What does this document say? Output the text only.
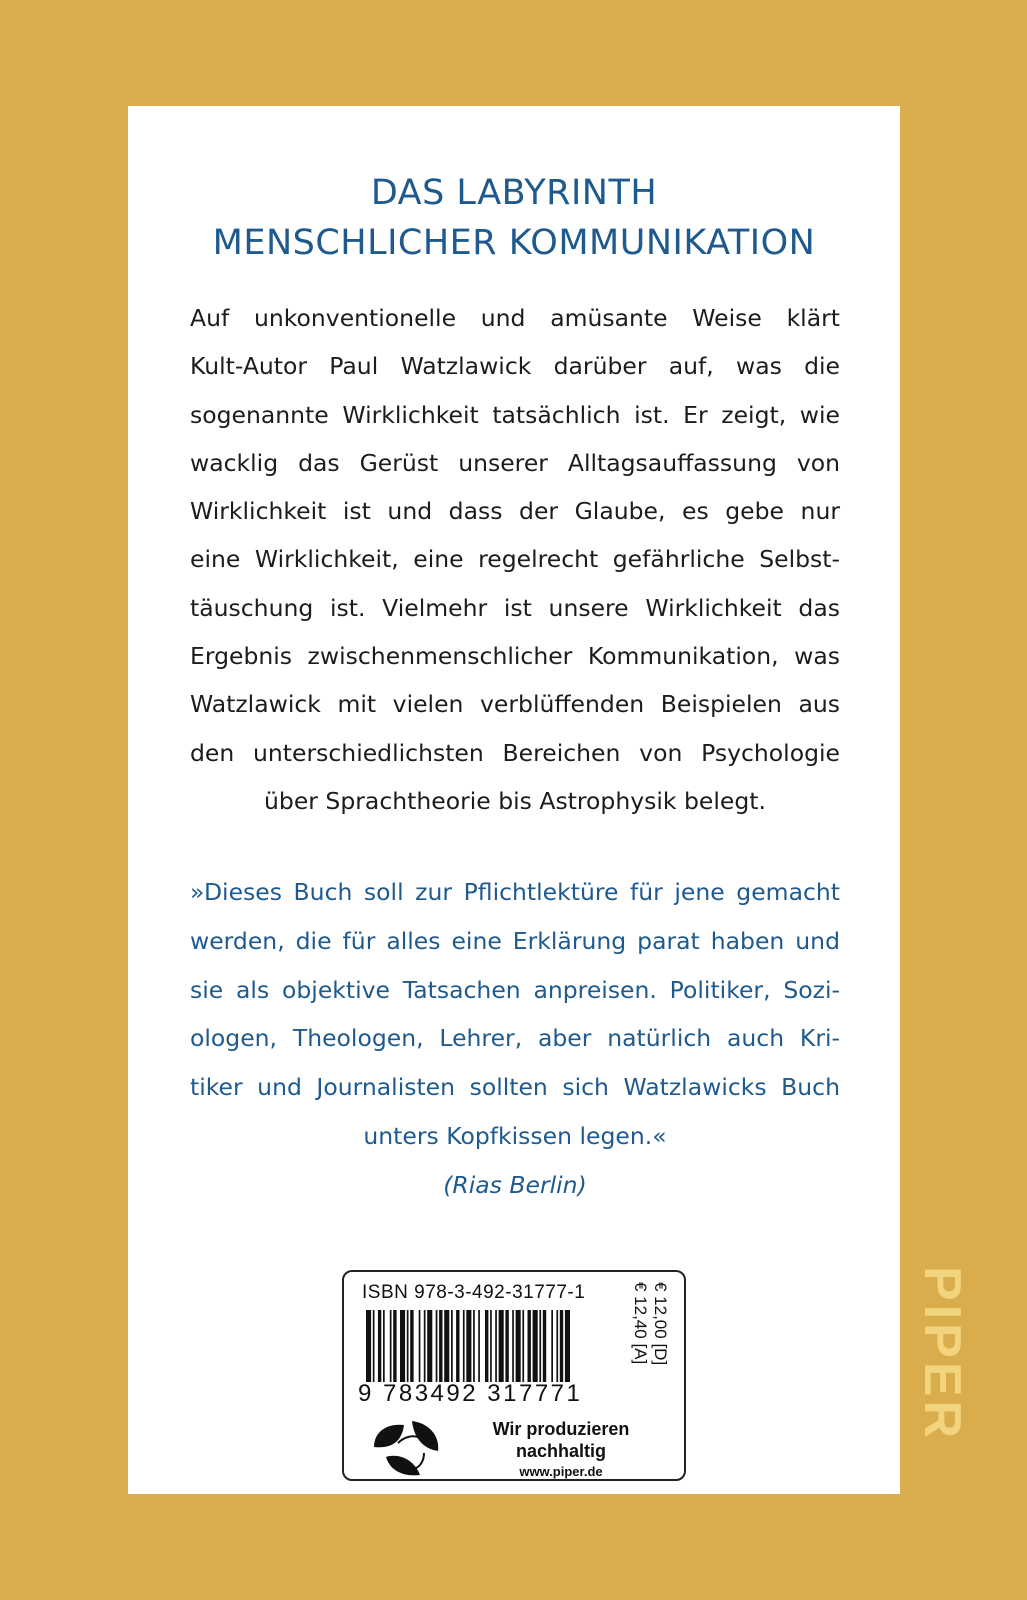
DAS LABYRINTH
MENSCHLICHER KOMMUNIKATION
Auf unkonventionelle und amüsante Weise klärt
Kult-Autor Paul Watzlawick darüber auf, was die
sogenannte Wirklichkeit tatsächlich ist. Er zeigt, wie
wacklig das Gerüst unserer Alltagsauffassung von
Wirklichkeit ist und dass der Glaube, es gebe nur
eine Wirklichkeit, eine regelrecht gefährliche Selbst-
täuschung ist. Vielmehr ist unsere Wirklichkeit das
Ergebnis zwischenmenschlicher Kommunikation, was
Watzlawick mit vielen verblüffenden Beispielen aus
den unterschiedlichsten Bereichen von Psychologie
über Sprachtheorie bis Astrophysik belegt.
»Dieses Buch soll zur Pflichtlektüre für jene gemacht
werden, die für alles eine Erklärung parat haben und
sie als objektive Tatsachen anpreisen. Politiker, Sozi-
ologen, Theologen, Lehrer, aber natürlich auch Kri-
tiker und Journalisten sollten sich Watzlawicks Buch
unters Kopfkissen legen.«
(Rias Berlin)
ISBN 978-3-492-31777-1
9 783492 317771
€ 12,00 [D]
€ 12,40 [A]
Wir produzieren
nachhaltig
www.piper.de
PIPER
